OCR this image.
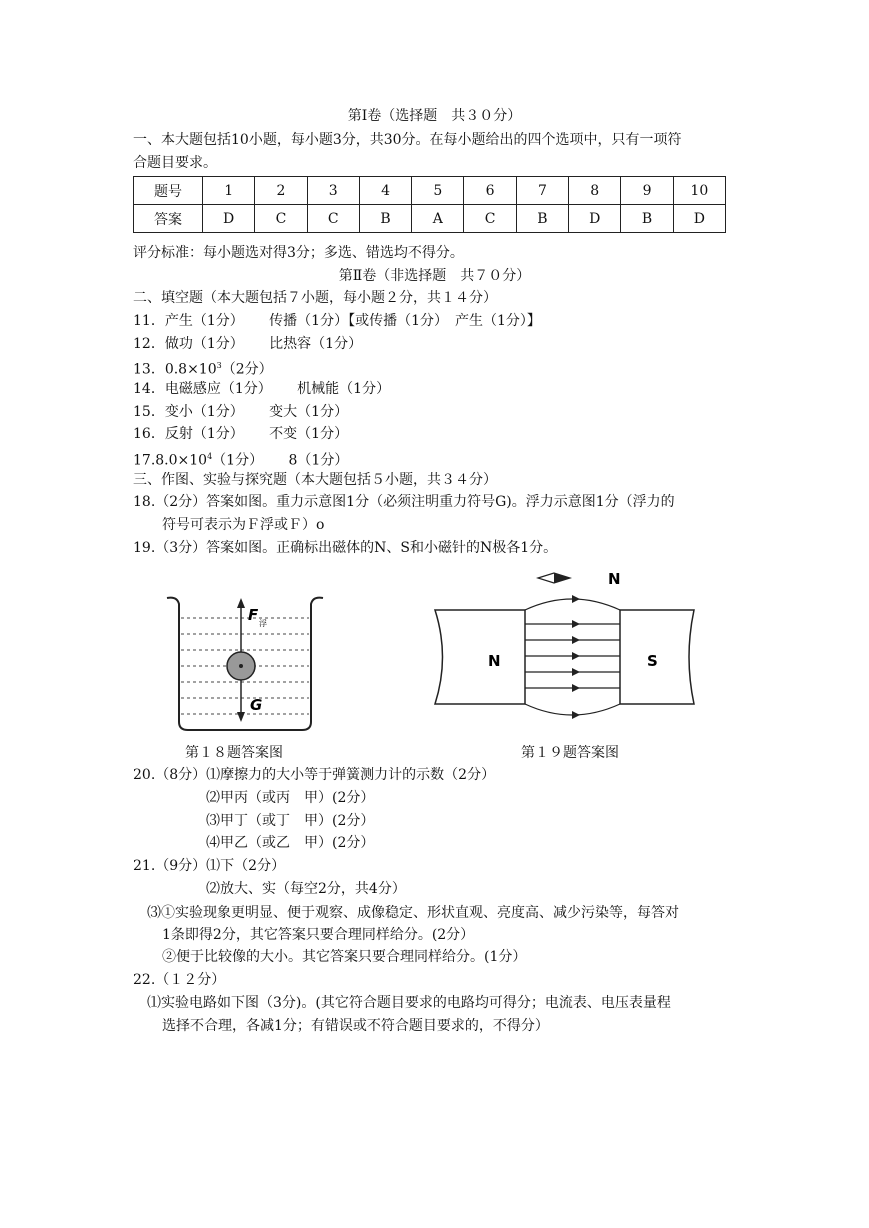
第Ⅰ卷（选择题　共３０分）
一、本大题包括10小题，每小题3分，共30分。在每小题给出的四个选项中，只有一项符
合题目要求。
题号	1	2	3	4	5	6	7	8	9	10
答案	D	C	C	B	A	C	B	D	B	D
评分标准：每小题选对得3分；多选、错选均不得分。
第Ⅱ卷（非选择题　共７０分）
二、填空题（本大题包括７小题，每小题２分，共１４分）
11．产生（1分）　　 传播（1分）【或传播（1分）　产生（1分）】
12．做功（1分）　　 比热容（1分）
13．$0.8\times 10^3(2$分）
14．电磁感应（1分）　　 机械能（1分）
15．变小（1分）　　 变大（1分）
16．反射（1分）　　 不变（1分）
$17.8.0\times 10^4(1$分）　　 8（1分）
三、作图、实验与探究题（本大题包括５小题，共３４分）
18.（2分）答案如图。重力示意图1分（必须注明重力符号G)。浮力示意图1分（浮力的
符号可表示为Ｆ浮或Ｆ）o
19.（3分）答案如图。正确标出磁体的N、S和小磁针的N极各1分。
F 浮
G
N
N	S
第１８题答案图	第１９题答案图
20.（8分）⑴摩擦力的大小等于弹簧测力计的示数（2分）
⑵甲丙（或丙　甲）(2分）
⑶甲丁（或丁　甲）(2分）
⑷甲乙（或乙　甲）(2分）
21.（9分）⑴下（2分）
⑵放大、实（每空2分，共4分）
⑶①实验现象更明显、便于观察、成像稳定、形状直观、亮度高、减少污染等，每答对
1条即得2分，其它答案只要合理同样给分。(2分）
②便于比较像的大小。其它答案只要合理同样给分。(1分）
22.（１２分）
⑴实验电路如下图（3分)。(其它符合题目要求的电路均可得分；电流表、电压表量程
选择不合理，各减1分；有错误或不符合题目要求的，不得分）
